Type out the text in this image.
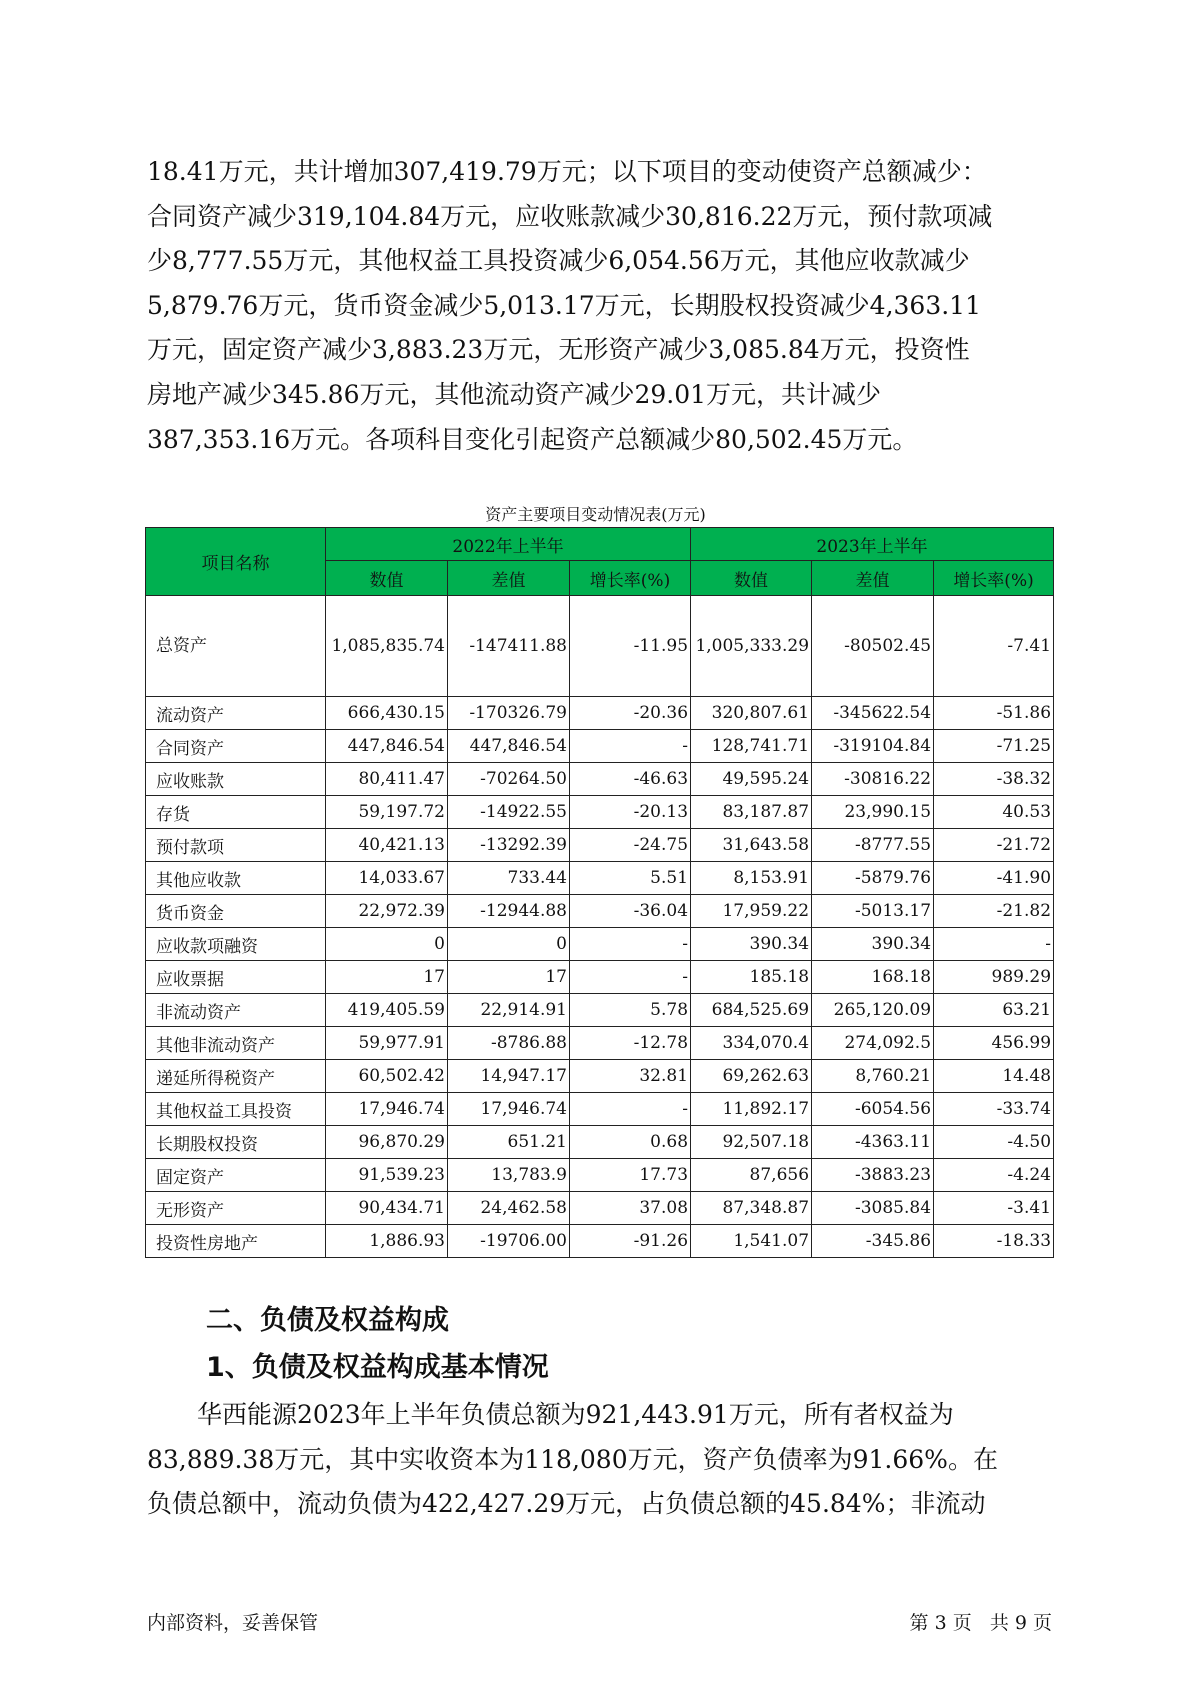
18.41万元，共计增加307,419.79万元；以下项目的变动使资产总额减少：
合同资产减少319,104.84万元，应收账款减少30,816.22万元，预付款项减
少8,777.55万元，其他权益工具投资减少6,054.56万元，其他应收款减少
5,879.76万元，货币资金减少5,013.17万元，长期股权投资减少4,363.11
万元，固定资产减少3,883.23万元，无形资产减少3,085.84万元，投资性
房地产减少345.86万元，其他流动资产减少29.01万元，共计减少
387,353.16万元。各项科目变化引起资产总额减少80,502.45万元。
资产主要项目变动情况表(万元)
项目名称	2022年上半年			2023年上半年		
	数值	差值	增长率(%)	数值	差值	增长率(%)
总资产	1,085,835.74	-147411.88	-11.95	1,005,333.29	-80502.45	-7.41
流动资产	666,430.15	-170326.79	-20.36	320,807.61	-345622.54	-51.86
合同资产	447,846.54	447,846.54	-	128,741.71	-319104.84	-71.25
应收账款	80,411.47	-70264.50	-46.63	49,595.24	-30816.22	-38.32
存货	59,197.72	-14922.55	-20.13	83,187.87	23,990.15	40.53
预付款项	40,421.13	-13292.39	-24.75	31,643.58	-8777.55	-21.72
其他应收款	14,033.67	733.44	5.51	8,153.91	-5879.76	-41.90
货币资金	22,972.39	-12944.88	-36.04	17,959.22	-5013.17	-21.82
应收款项融资	0	0	-	390.34	390.34	-
应收票据	17	17	-	185.18	168.18	989.29
非流动资产	419,405.59	22,914.91	5.78	684,525.69	265,120.09	63.21
其他非流动资产	59,977.91	-8786.88	-12.78	334,070.4	274,092.5	456.99
递延所得税资产	60,502.42	14,947.17	32.81	69,262.63	8,760.21	14.48
其他权益工具投资	17,946.74	17,946.74	-	11,892.17	-6054.56	-33.74
长期股权投资	96,870.29	651.21	0.68	92,507.18	-4363.11	-4.50
固定资产	91,539.23	13,783.9	17.73	87,656	-3883.23	-4.24
无形资产	90,434.71	24,462.58	37.08	87,348.87	-3085.84	-3.41
投资性房地产	1,886.93	-19706.00	-91.26	1,541.07	-345.86	-18.33
二、负债及权益构成
1、负债及权益构成基本情况
华西能源2023年上半年负债总额为921,443.91万元，所有者权益为
83,889.38万元，其中实收资本为118,080万元，资产负债率为91.66%。在
负债总额中，流动负债为422,427.29万元，占负债总额的45.84%；非流动
内部资料，妥善保管	第 3 页   共 9 页
